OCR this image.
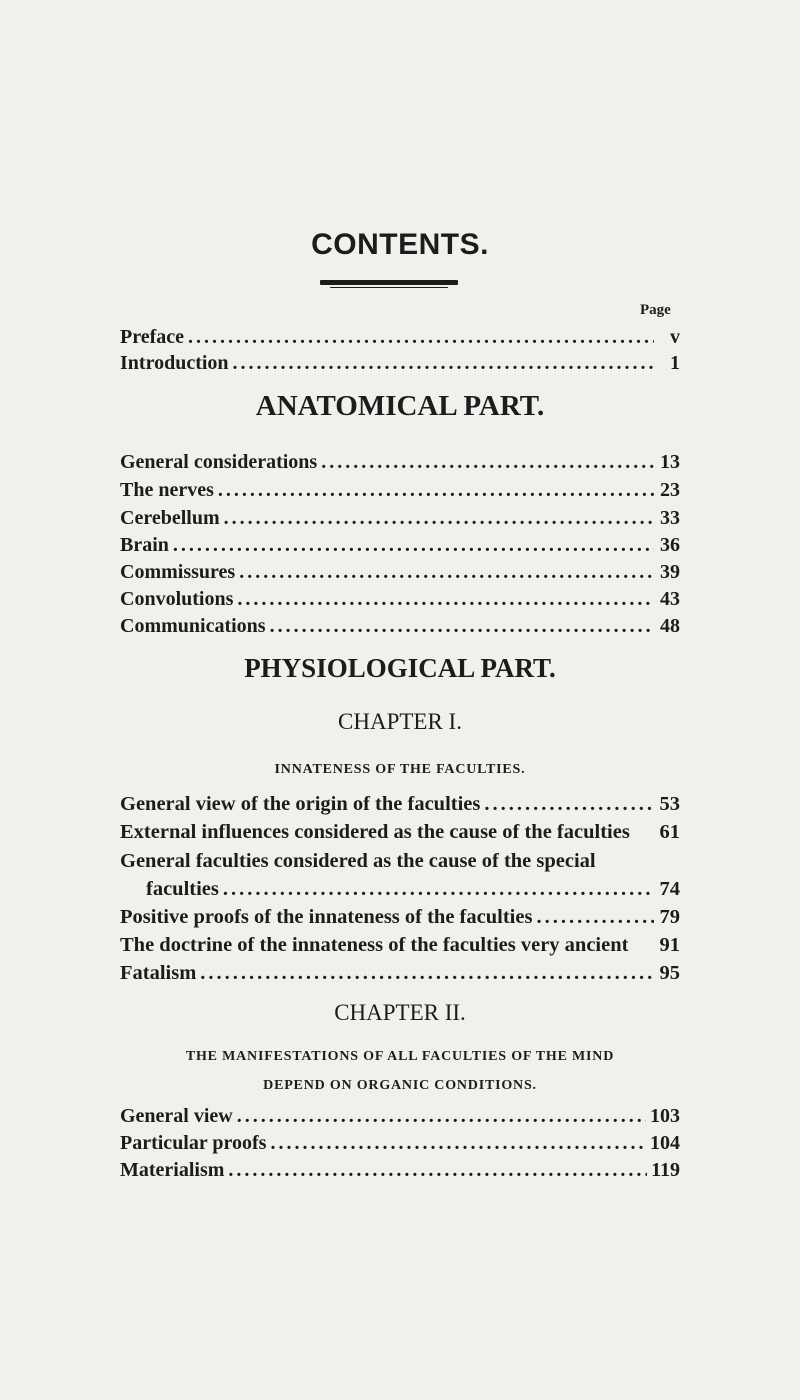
CONTENTS.
Page
Preface .....	v
Introduction .....	1
ANATOMICAL PART.
General considerations .....	13
The nerves .....	23
Cerebellum .....	33
Brain .....	36
Commissures .....	39
Convolutions .....	43
Communications .....	48
PHYSIOLOGICAL PART.
CHAPTER I.
INNATENESS OF THE FACULTIES.
General view of the origin of the faculties .....	53
External influences considered as the cause of the faculties 61
General faculties considered as the cause of the special
faculties .....	74
Positive proofs of the innateness of the faculties .....	79
The doctrine of the innateness of the faculties very ancient 91
Fatalism .....	95
CHAPTER II.
THE MANIFESTATIONS OF ALL FACULTIES OF THE MIND
DEPEND ON ORGANIC CONDITIONS.
General view .....	103
Particular proofs .....	104
Materialism .....	119
